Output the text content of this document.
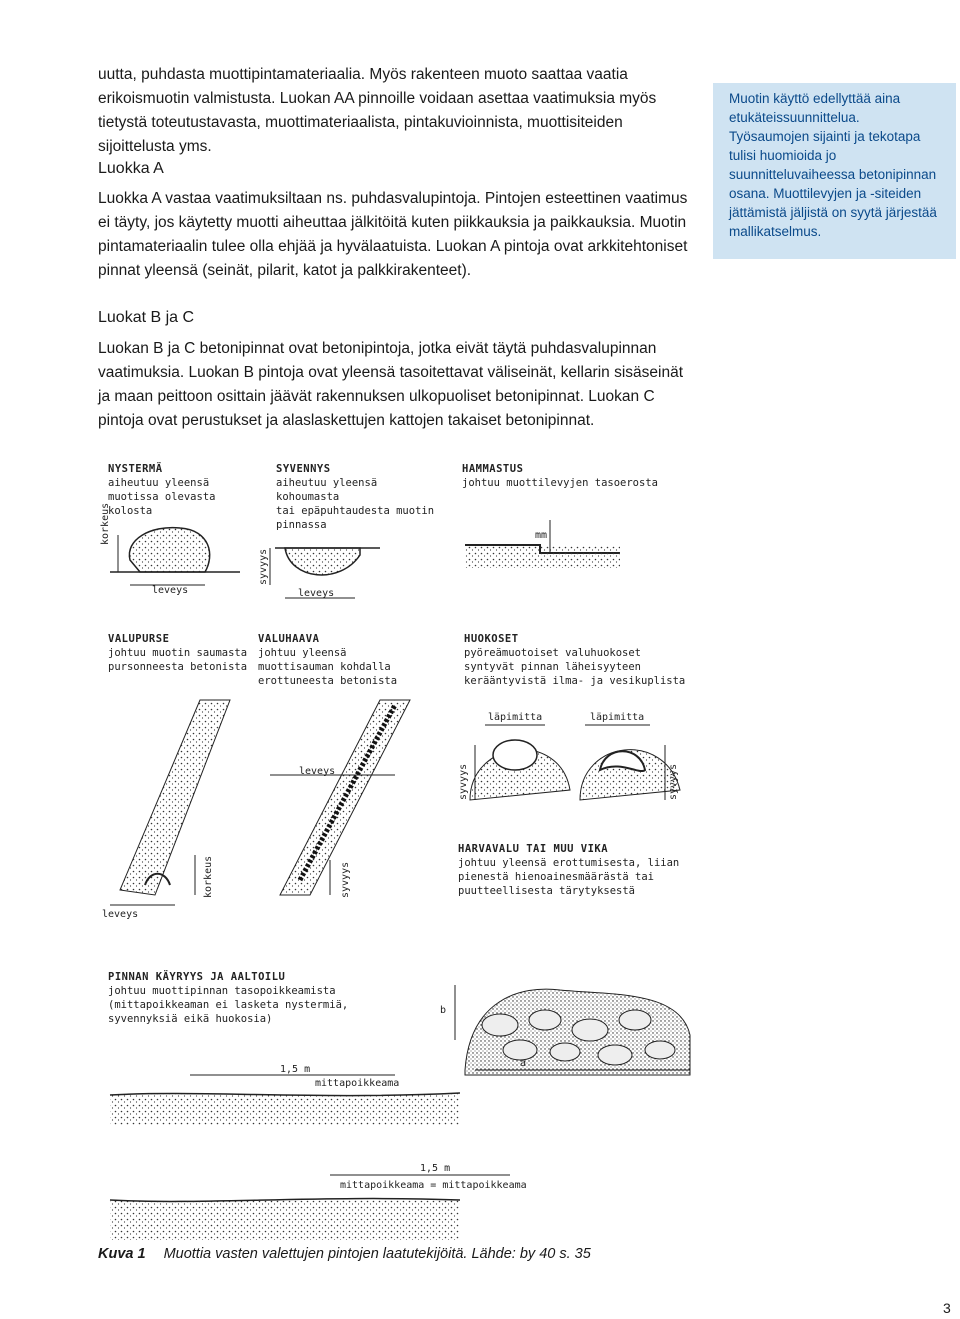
uutta, puhdasta muottipintamateriaalia. Myös rakenteen muoto saattaa vaatia erikoismuotin valmistusta. Luokan AA pinnoille voidaan asettaa vaatimuksia myös tietystä toteutustavasta, muottimateriaalista, pintakuvioinnista, muottisiteiden sijoittelusta yms.

Luokka A

Luokka A vastaa vaatimuksiltaan ns. puhdasvalupintoja. Pintojen esteettinen vaatimus ei täyty, jos käytetty muotti aiheuttaa jälkitöitä kuten piikkauksia ja paikkauksia. Muotin pintamateriaalin tulee olla ehjää ja hyvälaatuista. Luokan A pintoja ovat arkkitehtoniset pinnat yleensä (seinät, pilarit, katot ja palkkirakenteet).

Muotin käyttö edellyttää aina etukäteissuunnittelua. Työsaumojen sijainti ja tekotapa tulisi huomioida jo suunnitteluvaiheessa betonipinnan osana. Muottilevyjen ja -siteiden jättämistä jäljistä on syytä järjestää mallikatselmus.

Luokat B ja C

Luokan B ja C betonipinnat ovat betonipintoja, jotka eivät täytä puhdasvalupinnan vaatimuksia. Luokan B pintoja ovat yleensä tasoitettavat väliseinät, kellarin sisäseinät ja maan peittoon osittain jäävät rakennuksen ulkopuoliset betonipinnat. Luokan C pintoja ovat perustukset ja alaslaskettujen kattojen takaiset betonipinnat.

NYSTERMÄ
aiheutuu yleensä
muotissa olevasta
kolosta
SYVENNYS
aiheutuu yleensä
kohoumasta
tai epäpuhtaudesta muotin
pinnassa
HAMMASTUS
johtuu muottilevyjen tasoerosta
VALUPURSE
johtuu muotin saumasta
pursonneesta betonista
VALUHAAVA
johtuu yleensä
muottisauman kohdalla
erottuneesta betonista
HUOKOSET
pyöreämuotoiset valuhuokoset
syntyvät pinnan läheisyyteen
kerääntyvistä ilma- ja vesikuplista
HARVAVALU TAI MUU VIKA
johtuu yleensä erottumisesta, liian
pienestä hienoainesmäärästä tai
puutteellisesta tärytyksestä
PINNAN KÄYRYYS JA AALTOILU
johtuu muottipinnan tasopoikkeamista
(mittapoikkeaman ei lasketa nystermiä,
syvennyksiä eikä huokosia)
leveys	leveys
leveys
leveys
mm
läpimitta	läpimitta
b
a
1,5 m
mittapoikkeama
1,5 m
mittapoikkeama = mittapoikkeama
korkeus
syvyys
korkeus	syvyys
syvyys	syvyys
Kuva 1 Muottia vasten valettujen pintojen laatutekijöitä. Lähde: by 40 s. 35
3
